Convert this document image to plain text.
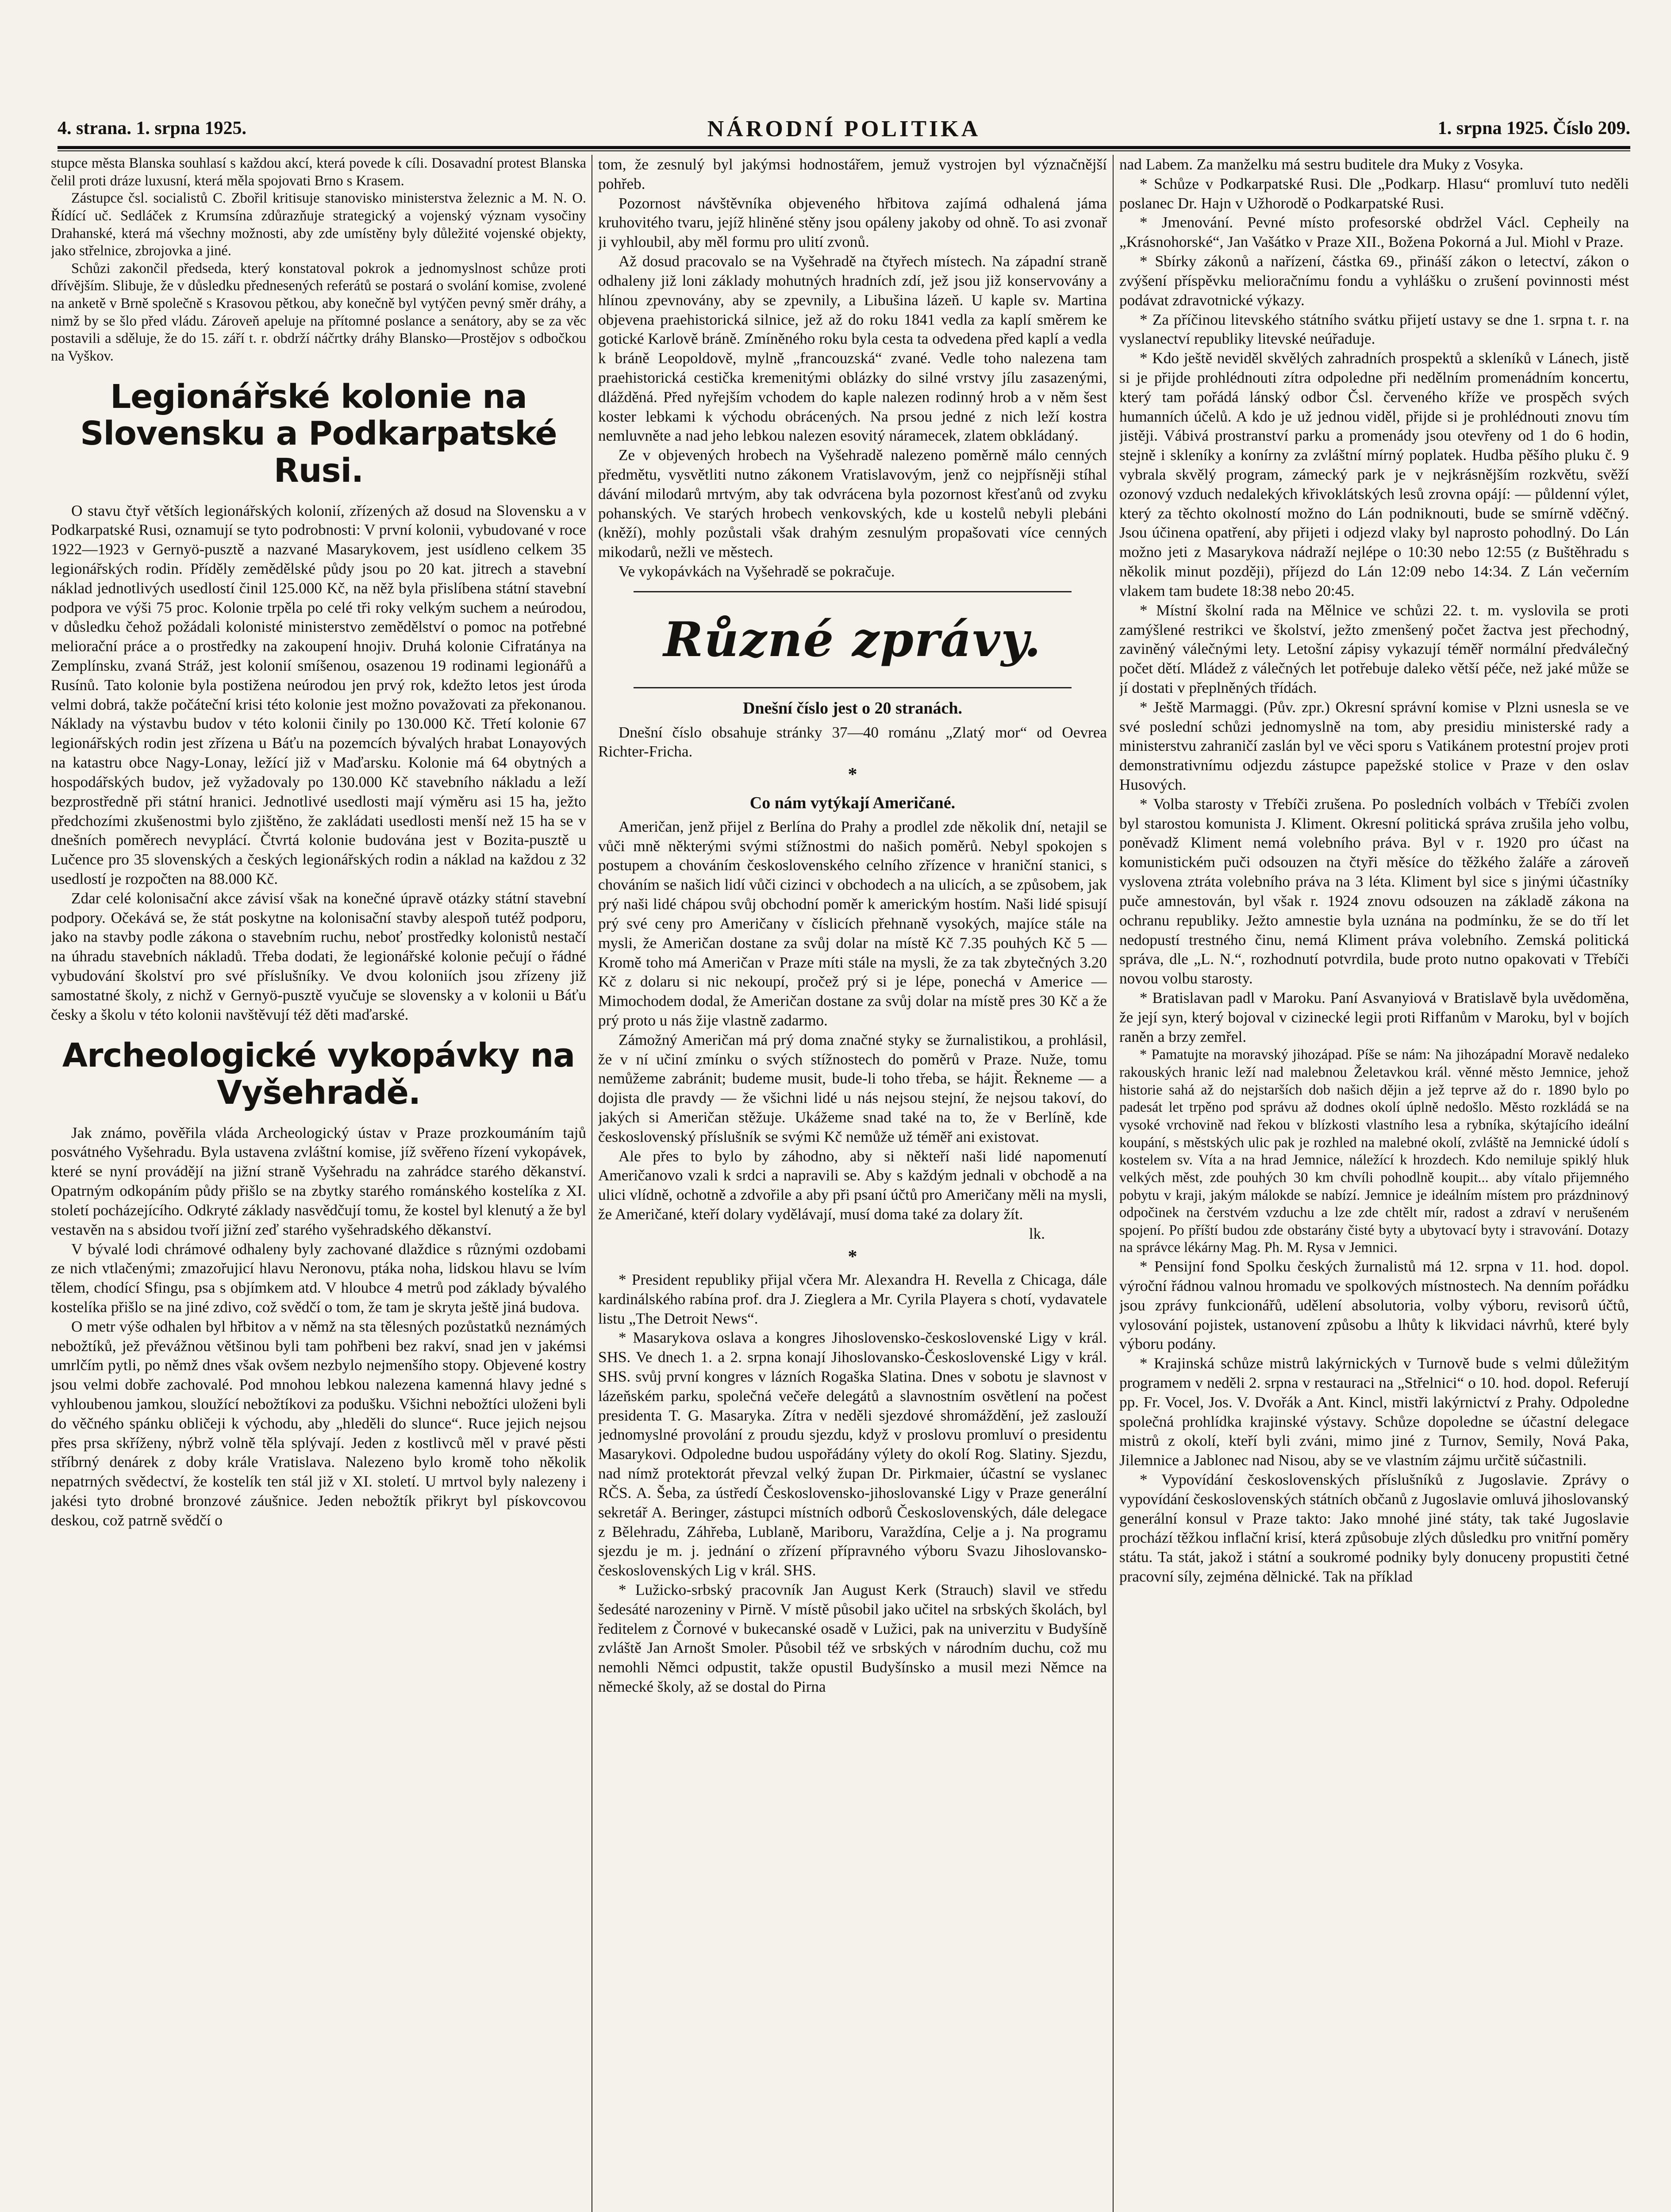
4. strana. 1. srpna 1925.	NÁRODNÍ POLITIKA	1. srpna 1925. Číslo 209.

stupce města Blanska souhlasí s každou akcí, která povede k cíli. Dosavadní protest Blanska čelil proti dráze luxusní, která měla spojovati Brno s Krasem.

Zástupce čsl. socialistů C. Zbořil kritisuje stanovisko ministerstva železnic a M. N. O. Řídící uč. Sedláček z Krumsína zdůrazňuje strategický a vojenský význam vysočiny Drahanské, která má všechny možnosti, aby zde umístěny byly důležité vojenské objekty, jako střelnice, zbrojovka a jiné.

Schůzi zakončil předseda, který konstatoval pokrok a jednomyslnost schůze proti dřívějším. Slibuje, že v důsledku přednesených referátů se postará o svolání komise, zvolené na anketě v Brně společně s Krasovou pětkou, aby konečně byl vytýčen pevný směr dráhy, a nimž by se šlo před vládu. Zároveň apeluje na přítomné poslance a senátory, aby se za věc postavili a sděluje, že do 15. září t. r. obdrží náčrtky dráhy Blansko—Prostějov s odbočkou na Vyškov.

Legionářské kolonie na Slovensku a Podkarpatské Rusi.

O stavu čtyř větších legionářských kolonií, zřízených až dosud na Slovensku a v Podkarpatské Rusi, oznamují se tyto podrobnosti: V první kolonii, vybudované v roce 1922—1923 v Gernyö-pusztě a nazvané Masarykovem, jest usídleno celkem 35 legionářských rodin. Příděly zemědělské půdy jsou po 20 kat. jitrech a stavební náklad jednotlivých usedlostí činil 125.000 Kč, na něž byla přislíbena státní stavební podpora ve výši 75 proc. Kolonie trpěla po celé tři roky velkým suchem a neúrodou, v důsledku čehož požádali kolonisté ministerstvo zemědělství o pomoc na potřebné meliorační práce a o prostředky na zakoupení hnojiv. Druhá kolonie Cifratánya na Zemplínsku, zvaná Stráž, jest kolonií smíšenou, osazenou 19 rodinami legionářů a Rusínů. Tato kolonie byla postižena neúrodou jen prvý rok, kdežto letos jest úroda velmi dobrá, takže počáteční krisi této kolonie jest možno považovati za překonanou. Náklady na výstavbu budov v této kolonii činily po 130.000 Kč. Třetí kolonie 67 legionářských rodin jest zřízena u Báťu na pozemcích bývalých hrabat Lonayových na katastru obce Nagy-Lonay, ležící již v Maďarsku. Kolonie má 64 obytných a hospodářských budov, jež vyžadovaly po 130.000 Kč stavebního nákladu a leží bezprostředně při státní hranici. Jednotlivé usedlosti mají výměru asi 15 ha, ježto předchozími zkušenostmi bylo zjištěno, že zakládati usedlosti menší než 15 ha se v dnešních poměrech nevyplácí. Čtvrtá kolonie budována jest v Bozita-pusztě u Lučence pro 35 slovenských a českých legionářských rodin a náklad na každou z 32 usedlostí je rozpočten na 88.000 Kč.

Zdar celé kolonisační akce závisí však na konečné úpravě otázky státní stavební podpory. Očekává se, že stát poskytne na kolonisační stavby alespoň tutéž podporu, jako na stavby podle zákona o stavebním ruchu, neboť prostředky kolonistů nestačí na úhradu stavebních nákladů. Třeba dodati, že legionářské kolonie pečují o řádné vybudování školství pro své příslušníky. Ve dvou koloniích jsou zřízeny již samostatné školy, z nichž v Gernyö-pusztě vyučuje se slovensky a v kolonii u Báťu česky a školu v této kolonii navštěvují též děti maďarské.

Archeologické vykopávky na Vyšehradě.

Jak známo, pověřila vláda Archeologický ústav v Praze prozkoumáním tajů posvátného Vyšehradu. Byla ustavena zvláštní komise, jíž svěřeno řízení vykopávek, které se nyní provádějí na jižní straně Vyšehradu na zahrádce starého děkanství. Opatrným odkopáním půdy přišlo se na zbytky starého románského kostelíka z XI. století pocházejícího. Odkryté základy nasvědčují tomu, že kostel byl klenutý a že byl vestavěn na s absidou tvoří jižní zeď starého vyšehradského děkanství.

V bývalé lodi chrámové odhaleny byly zachované dlaždice s různými ozdobami ze nich vtlačenými; zmazořujicí hlavu Neronovu, ptáka noha, lidskou hlavu se lvím tělem, chodící Sfingu, psa s objímkem atd. V hloubce 4 metrů pod základy bývalého kostelíka přišlo se na jiné zdivo, což svědčí o tom, že tam je skryta ještě jiná budova.

O metr výše odhalen byl hřbitov a v němž na sta tělesných pozůstatků neznámých nebožtíků, jež převážnou většinou byli tam pohřbeni bez rakví, snad jen v jakémsi umrlčím pytli, po němž dnes však ovšem nezbylo nejmenšího stopy. Objevené kostry jsou velmi dobře zachovalé. Pod mnohou lebkou nalezena kamenná hlavy jedné s vyhloubenou jamkou, sloužící nebožtíkovi za podušku. Všichni nebožtíci uloženi byli do věčného spánku obličeji k východu, aby „hleděli do slunce“. Ruce jejich nejsou přes prsa skříženy, nýbrž volně těla splývají. Jeden z kostlivců měl v pravé pěsti stříbrný denárek z doby krále Vratislava. Nalezeno bylo kromě toho několik nepatrných svědectví, že kostelík ten stál již v XI. století. U mrtvol byly nalezeny i jakési tyto drobné bronzové záušnice. Jeden nebožtík přikryt byl pískovcovou deskou, což patrně svědčí o

tom, že zesnulý byl jakýmsi hodnostářem, jemuž vystrojen byl význačnější pohřeb.

Pozornost návštěvníka objeveného hřbitova zajímá odhalená jáma kruhovitého tvaru, jejíž hliněné stěny jsou opáleny jakoby od ohně. To asi zvonař ji vyhloubil, aby měl formu pro ulití zvonů.

Až dosud pracovalo se na Vyšehradě na čtyřech místech. Na západní straně odhaleny již loni základy mohutných hradních zdí, jež jsou již konservovány a hlínou zpevnovány, aby se zpevnily, a Libušina lázeň. U kaple sv. Martina objevena praehistorická silnice, jež až do roku 1841 vedla za kaplí směrem ke gotické Karlově bráně. Zmíněného roku byla cesta ta odvedena před kaplí a vedla k bráně Leopoldově, mylně „francouzská“ zvané. Vedle toho nalezena tam praehistorická cestička kremenitými oblázky do silné vrstvy jílu zasazenými, dlážděná. Před nyřejším vchodem do kaple nalezen rodinný hrob a v něm šest koster lebkami k východu obrácených. Na prsou jedné z nich leží kostra nemluvněte a nad jeho lebkou nalezen esovitý náramecek, zlatem obkládaný.

Ze v objevených hrobech na Vyšehradě nalezeno poměrně málo cenných předmětu, vysvětliti nutno zákonem Vratislavovým, jenž co nejpřísněji stíhal dávání milodarů mrtvým, aby tak odvrácena byla pozornost křesťanů od zvyku pohanských. Ve starých hrobech venkovských, kde u kostelů nebyli plebáni (kněží), mohly pozůstali však drahým zesnulým propašovati více cenných mikodarů, nežli ve městech.

Ve vykopávkách na Vyšehradě se pokračuje.

Různé zprávy.
Dnešní číslo jest o 20 stranách.

Dnešní číslo obsahuje stránky 37—40 románu „Zlatý mor“ od Oevrea Richter-Fricha.

*
Co nám vytýkají Američané.

Američan, jenž přijel z Berlína do Prahy a prodlel zde několik dní, netajil se vůči mně některými svými stížnostmi do našich poměrů. Nebyl spokojen s postupem a chováním československého celního zřízence v hraniční stanici, s chováním se našich lidí vůči cizinci v obchodech a na ulicích, a se způsobem, jak prý naši lidé chápou svůj obchodní poměr k americkým hostím. Naši lidé spisují prý své ceny pro Američany v číslicích přehnaně vysokých, majíce stále na mysli, že Američan dostane za svůj dolar na místě Kč 7.35 pouhých Kč 5 — Kromě toho má Američan v Praze míti stále na mysli, že za tak zbytečných 3.20 Kč z dolaru si nic nekoupí, pročež prý si je lépe, ponechá v Americe — Mimochodem dodal, že Američan dostane za svůj dolar na místě pres 30 Kč a že prý proto u nás žije vlastně zadarmo.

Zámožný Američan má prý doma značné styky se žurnalistikou, a prohlásil, že v ní učiní zmínku o svých stížnostech do poměrů v Praze. Nuže, tomu nemůžeme zabránit; budeme musit, bude-li toho třeba, se hájit. Řekneme — a dojista dle pravdy — že všichni lidé u nás nejsou stejní, že nejsou takoví, do jakých si Američan stěžuje. Ukážeme snad také na to, že v Berlíně, kde československý příslušník se svými Kč nemůže už téměř ani existovat.

Ale přes to bylo by záhodno, aby si někteří naši lidé napomenutí Američanovo vzali k srdci a napravili se. Aby s každým jednali v obchodě a na ulici vlídně, ochotně a zdvořile a aby při psaní účtů pro Američany měli na mysli, že Američané, kteří dolary vydělávají, musí doma také za dolary žít.

lk.
*

* President republiky přijal včera Mr. Alexandra H. Revella z Chicaga, dále kardinálského rabína prof. dra J. Zieglera a Mr. Cyrila Playera s chotí, vydavatele listu „The Detroit News“.

* Masarykova oslava a kongres Jihoslovensko-československé Ligy v král. SHS. Ve dnech 1. a 2. srpna konají Jihoslovansko-Československé Ligy v král. SHS. svůj první kongres v lázních Rogaška Slatina. Dnes v sobotu je slavnost v lázeňském parku, společná večeře delegátů a slavnostním osvětlení na počest presidenta T. G. Masaryka. Zítra v neděli sjezdové shromáždění, jež zaslouží jednomyslné provolání z proudu sjezdu, když v proslovu promluví o presidentu Masarykovi. Odpoledne budou uspořádány výlety do okolí Rog. Slatiny. Sjezdu, nad nímž protektorát převzal velký župan Dr. Pirkmaier, účastní se vyslanec RČS. A. Šeba, za ústředí Československo-jihoslovanské Ligy v Praze generální sekretář A. Beringer, zástupci místních odborů Československých, dále delegace z Bělehradu, Záhřeba, Lublaně, Mariboru, Varaždína, Celje a j. Na programu sjezdu je m. j. jednání o zřízení přípravného výboru Svazu Jihoslovansko-československých Lig v král. SHS.

* Lužicko-srbský pracovník Jan August Kerk (Strauch) slavil ve středu šedesáté narozeniny v Pirně. V místě působil jako učitel na srbských školách, byl ředitelem z Čornové v bukecanské osadě v Lužici, pak na univerzitu v Budyšíně zvláště Jan Arnošt Smoler. Působil též ve srbských v národním duchu, což mu nemohli Němci odpustit, takže opustil Budyšínsko a musil mezi Němce na německé školy, až se dostal do Pirna

nad Labem. Za manželku má sestru buditele dra Muky z Vosyka.

* Schůze v Podkarpatské Rusi. Dle „Podkarp. Hlasu“ promluví tuto neděli poslanec Dr. Hajn v Užhorodě o Podkarpatské Rusi.

* Jmenování. Pevné místo profesorské obdržel Václ. Cepheily na „Krásnohorské“, Jan Vašátko v Praze XII., Božena Pokorná a Jul. Miohl v Praze.

* Sbírky zákonů a nařízení, částka 69., přináší zákon o letectví, zákon o zvýšení příspěvku melioračnímu fondu a vyhlášku o zrušení povinnosti mést podávat zdravotnické výkazy.

* Za příčinou litevského státního svátku přijetí ustavy se dne 1. srpna t. r. na vyslanectví republiky litevské neúřaduje.

* Kdo ještě neviděl skvělých zahradních prospektů a skleníků v Lánech, jistě si je přijde prohlédnouti zítra odpoledne při nedělním promenádním koncertu, který tam pořádá lánský odbor Čsl. červeného kříže ve prospěch svých humanních účelů. A kdo je už jednou viděl, přijde si je prohlédnouti znovu tím jistěji. Vábivá prostranství parku a promenády jsou otevřeny od 1 do 6 hodin, stejně i skleníky a konírny za zvláštní mírný poplatek. Hudba pěšího pluku č. 9 vybrala skvělý program, zámecký park je v nejkrásnějším rozkvětu, svěží ozonový vzduch nedalekých křivoklátských lesů zrovna opájí: — půldenní výlet, který za těchto okolností možno do Lán podniknouti, bude se smírně vděčný. Jsou účinena opatření, aby přijeti i odjezd vlaky byl naprosto pohodlný. Do Lán možno jeti z Masarykova nádraží nejlépe o 10:30 nebo 12:55 (z Buštěhradu s několik minut později), příjezd do Lán 12:09 nebo 14:34. Z Lán večerním vlakem tam budete 18:38 nebo 20:45.

* Místní školní rada na Mělnice ve schůzi 22. t. m. vyslovila se proti zamýšlené restrikci ve školství, ježto zmenšený počet žactva jest přechodný, zaviněný válečnými lety. Letošní zápisy vykazují téměř normální předválečný počet dětí. Mládež z válečných let potřebuje daleko větší péče, než jaké může se jí dostati v přeplněných třídách.

* Ještě Marmaggi. (Pův. zpr.) Okresní správní komise v Plzni usnesla se ve své poslední schůzi jednomyslně na tom, aby presidiu ministerské rady a ministerstvu zahraničí zaslán byl ve věci sporu s Vatikánem protestní projev proti demonstrativnímu odjezdu zástupce papežské stolice v Praze v den oslav Husových.

* Volba starosty v Třebíči zrušena. Po posledních volbách v Třebíči zvolen byl starostou komunista J. Kliment. Okresní politická správa zrušila jeho volbu, poněvadž Kliment nemá volebního práva. Byl v r. 1920 pro účast na komunistickém puči odsouzen na čtyři měsíce do těžkého žaláře a zároveň vyslovena ztráta volebního práva na 3 léta. Kliment byl sice s jinými účastníky puče amnestován, byl však r. 1924 znovu odsouzen na základě zákona na ochranu republiky. Ježto amnestie byla uznána na podmínku, že se do tří let nedopustí trestného činu, nemá Kliment práva volebního. Zemská politická správa, dle „L. N.“, rozhodnutí potvrdila, bude proto nutno opakovati v Třebíči novou volbu starosty.

* Bratislavan padl v Maroku. Paní Asvanyiová v Bratislavě byla uvědoměna, že její syn, který bojoval v cizinecké legii proti Riffanům v Maroku, byl v bojích raněn a brzy zemřel.

* Pamatujte na moravský jihozápad. Píše se nám: Na jihozápadní Moravě nedaleko rakouských hranic leží nad malebnou Želetavkou král. věnné město Jemnice, jehož historie sahá až do nejstarších dob našich dějin a jež teprve až do r. 1890 bylo po padesát let trpěno pod správu až dodnes okolí úplně nedošlo. Město rozkládá se na vysoké vrchovině nad řekou v blízkosti vlastního lesa a rybníka, skýtajícího ideální koupání, s městských ulic pak je rozhled na malebné okolí, zvláště na Jemnické údolí s kostelem sv. Víta a na hrad Jemnice, náležící k hrozdech. Kdo nemiluje spiklý hluk velkých měst, zde pouhých 30 km chvíli pohodlně koupit... aby vítalo přijemného pobytu v kraji, jakým málokde se nabízí. Jemnice je ideálním místem pro prázdninový odpočinek na čerstvém vzduchu a lze zde chtělt mír, radost a zdraví v nerušeném spojení. Po příští budou zde obstarány čisté byty a ubytovací byty i stravování. Dotazy na správce lékárny Mag. Ph. M. Rysa v Jemnici.

* Pensijní fond Spolku českých žurnalistů má 12. srpna v 11. hod. dopol. výroční řádnou valnou hromadu ve spolkových místnostech. Na denním pořádku jsou zprávy funkcionářů, udělení absolutoria, volby výboru, revisorů účtů, vylosování pojistek, ustanovení způsobu a lhůty k likvidaci návrhů, které byly výboru podány.

* Krajinská schůze mistrů lakýrnických v Turnově bude s velmi důležitým programem v neděli 2. srpna v restauraci na „Střelnici“ o 10. hod. dopol. Referují pp. Fr. Vocel, Jos. V. Dvořák a Ant. Kincl, mistři lakýrnictví z Prahy. Odpoledne společná prohlídka krajinské výstavy. Schůze dopoledne se účastní delegace mistrů z okolí, kteří byli zváni, mimo jiné z Turnov, Semily, Nová Paka, Jilemnice a Jablonec nad Nisou, aby se ve vlastním zájmu určitě súčastnili.

* Vypovídání československých příslušníků z Jugoslavie. Zprávy o vypovídání československých státních občanů z Jugoslavie omluvá jihoslovanský generální konsul v Praze takto: Jako mnohé jiné státy, tak také Jugoslavie prochází těžkou inflační krisí, která způsobuje zlých důsledku pro vnitřní poměry státu. Ta stát, jakož i státní a soukromé podniky byly donuceny propustiti četné pracovní síly, zejména dělnické. Tak na příklad
